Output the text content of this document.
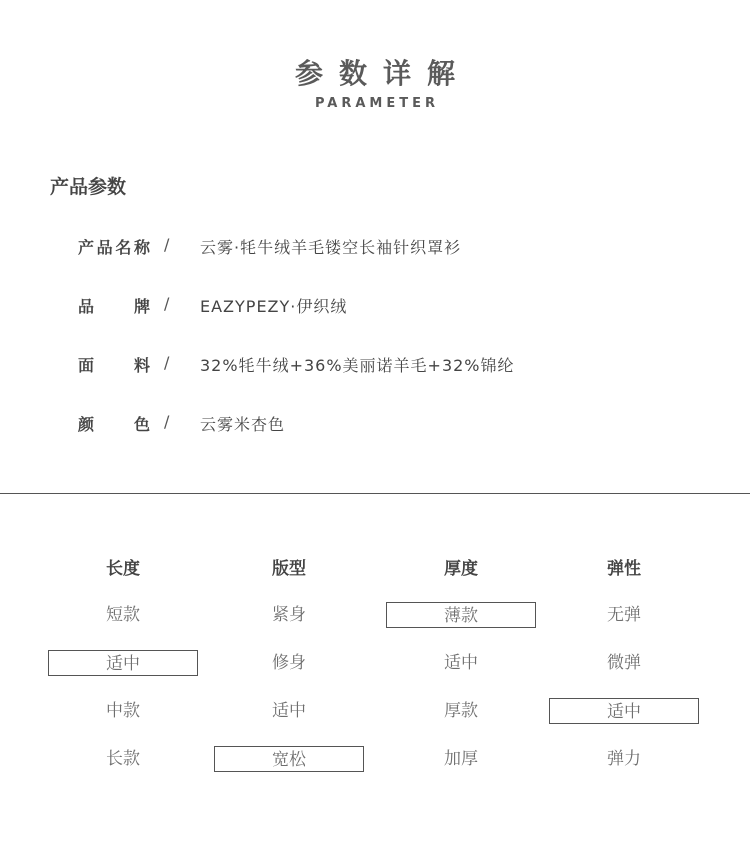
参数详解
PARAMETER
产品参数
产品名称 / 云雾·牦牛绒羊毛镂空长袖针织罩衫
品牌 / EAZYPEZY·伊织绒
面料 / 32%牦牛绒+36%美丽诺羊毛+32%锦纶
颜色 / 云雾米杏色
长度
短款
适中
中款
长款
版型
紧身
修身
适中
宽松
厚度
薄款
适中
厚款
加厚
弹性
无弹
微弹
适中
弹力
